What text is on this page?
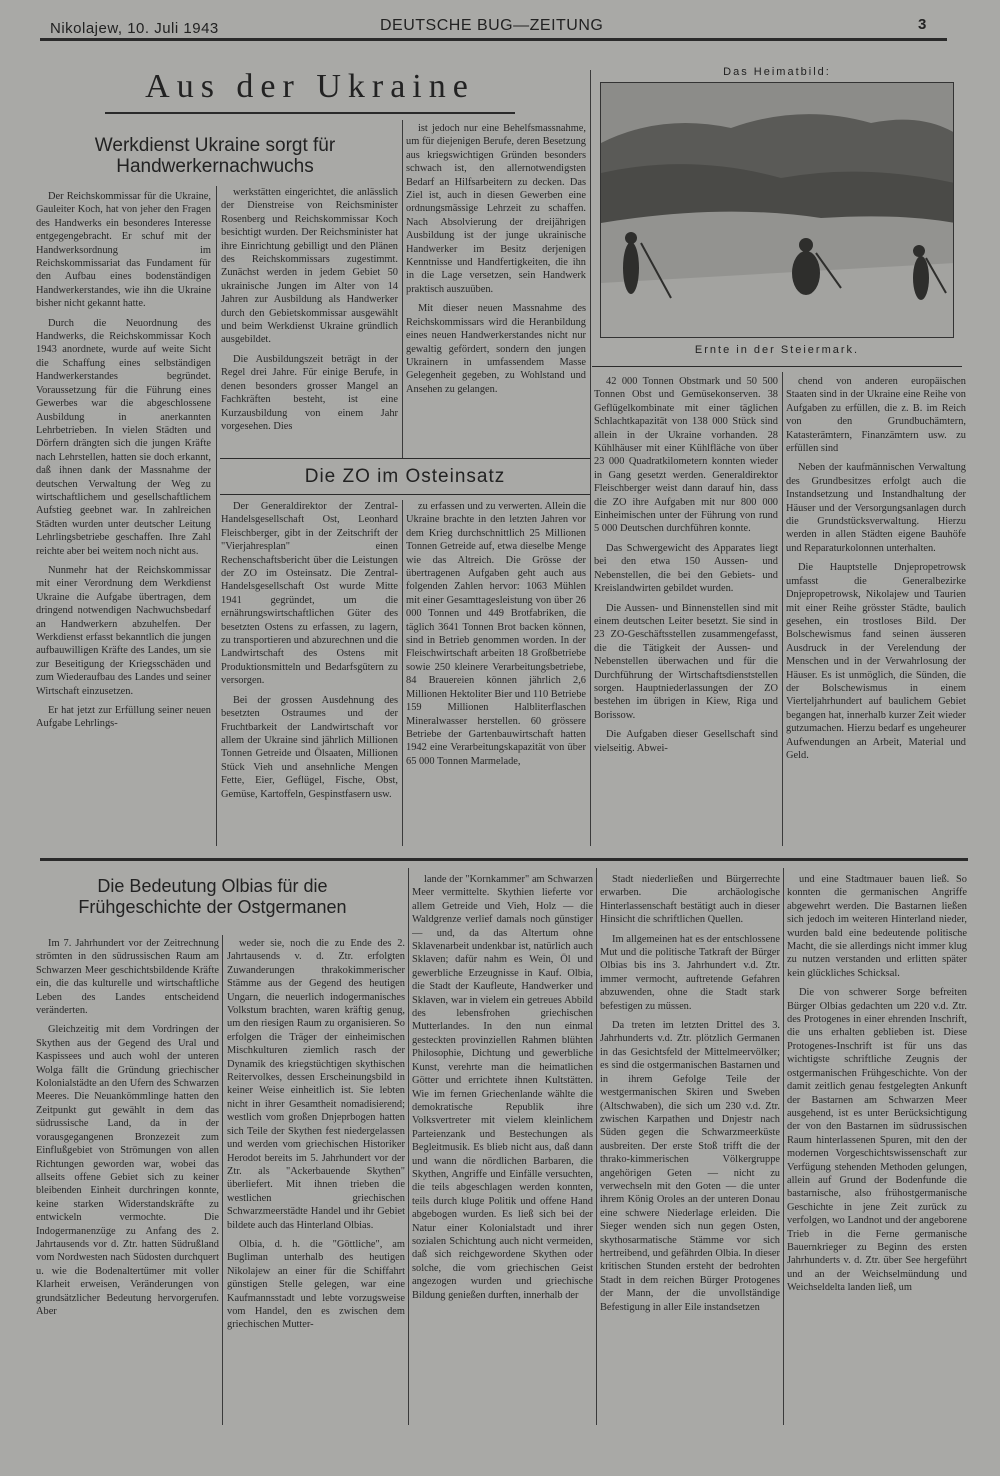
Nikolajew, 10. Juli 1943	DEUTSCHE BUG—ZEITUNG	3
Aus der Ukraine
Werkdienst Ukraine sorgt für Handwerkernachwuchs

Der Reichskommissar für die Ukraine, Gauleiter Koch, hat von jeher den Fragen des Handwerks ein besonderes Interesse entgegengebracht. Er schuf mit der Handwerksordnung im Reichskommissariat das Fundament für den Aufbau eines bodenständigen Handwerkerstandes, wie ihn die Ukraine bisher nicht gekannt hatte.

Durch die Neuordnung des Handwerks, die Reichskommissar Koch 1943 anordnete, wurde auf weite Sicht die Schaffung eines selbständigen Handwerkerstandes begründet. Voraussetzung für die Führung eines Gewerbes war die abgeschlossene Ausbildung in anerkannten Lehrbetrieben. In vielen Städten und Dörfern drängten sich die jungen Kräfte nach Lehrstellen, hatten sie doch erkannt, daß ihnen dank der Massnahme der deutschen Verwaltung der Weg zu wirtschaftlichem und gesellschaftlichem Aufstieg geebnet war. In zahlreichen Städten wurden unter deutscher Leitung Lehrlingsbetriebe geschaffen. Ihre Zahl reichte aber bei weitem noch nicht aus.

Nunmehr hat der Reichskommissar mit einer Verordnung dem Werkdienst Ukraine die Aufgabe übertragen, dem dringend notwendigen Nachwuchsbedarf an Handwerkern abzuhelfen. Der Werkdienst erfasst bekanntlich die jungen aufbauwilligen Kräfte des Landes, um sie zur Beseitigung der Kriegsschäden und zum Wiederaufbau des Landes und seiner Wirtschaft einzusetzen.

Er hat jetzt zur Erfüllung seiner neuen Aufgabe Lehrlings-

werkstätten eingerichtet, die anlässlich der Dienstreise von Reichsminister Rosenberg und Reichskommissar Koch besichtigt wurden. Der Reichsminister hat ihre Einrichtung gebilligt und den Plänen des Reichskommissars zugestimmt. Zunächst werden in jedem Gebiet 50 ukrainische Jungen im Alter von 14 Jahren zur Ausbildung als Handwerker durch den Gebietskommissar ausgewählt und beim Werkdienst Ukraine gründlich ausgebildet.

Die Ausbildungszeit beträgt in der Regel drei Jahre. Für einige Berufe, in denen besonders grosser Mangel an Fachkräften besteht, ist eine Kurzausbildung von einem Jahr vorgesehen. Dies

ist jedoch nur eine Behelfsmassnahme, um für diejenigen Berufe, deren Besetzung aus kriegswichtigen Gründen besonders schwach ist, den allernotwendigsten Bedarf an Hilfsarbeitern zu decken. Das Ziel ist, auch in diesen Gewerben eine ordnungsmässige Lehrzeit zu schaffen. Nach Absolvierung der dreijährigen Ausbildung ist der junge ukrainische Handwerker im Besitz derjenigen Kenntnisse und Handfertigkeiten, die ihn in die Lage versetzen, sein Handwerk praktisch auszuüben.

Mit dieser neuen Massnahme des Reichskommissars wird die Heranbildung eines neuen Handwerkerstandes nicht nur gewaltig gefördert, sondern den jungen Ukrainern in umfassendem Masse Gelegenheit gegeben, zu Wohlstand und Ansehen zu gelangen.

Das Heimatbild:
Ernte in der Steiermark.
Die ZO im Osteinsatz

Der Generaldirektor der Zentral-Handelsgesellschaft Ost, Leonhard Fleischberger, gibt in der Zeitschrift der "Vierjahresplan" einen Rechenschaftsbericht über die Leistungen der ZO im Osteinsatz. Die Zentral-Handelsgesellschaft Ost wurde Mitte 1941 gegründet, um die ernährungswirtschaftlichen Güter des besetzten Ostens zu erfassen, zu lagern, zu transportieren und abzurechnen und die Landwirtschaft des Ostens mit Produktionsmitteln und Bedarfsgütern zu versorgen.

Bei der grossen Ausdehnung des besetzten Ostraumes und der Fruchtbarkeit der Landwirtschaft vor allem der Ukraine sind jährlich Millionen Tonnen Getreide und Ölsaaten, Millionen Stück Vieh und ansehnliche Mengen Fette, Eier, Geflügel, Fische, Obst, Gemüse, Kartoffeln, Gespinstfasern usw.

zu erfassen und zu verwerten. Allein die Ukraine brachte in den letzten Jahren vor dem Krieg durchschnittlich 25 Millionen Tonnen Getreide auf, etwa dieselbe Menge wie das Altreich. Die Grösse der übertragenen Aufgaben geht auch aus folgenden Zahlen hervor: 1063 Mühlen mit einer Gesamttagesleistung von über 26 000 Tonnen und 449 Brotfabriken, die täglich 3641 Tonnen Brot backen können, sind in Betrieb genommen worden. In der Fleischwirtschaft arbeiten 18 Großbetriebe sowie 250 kleinere Verarbeitungsbetriebe, 84 Brauereien können jährlich 2,6 Millionen Hektoliter Bier und 110 Betriebe 159 Millionen Halbliterflaschen Mineralwasser herstellen. 60 grössere Betriebe der Gartenbauwirtschaft hatten 1942 eine Verarbeitungskapazität von über 65 000 Tonnen Marmelade,

42 000 Tonnen Obstmark und 50 500 Tonnen Obst und Gemüsekonserven. 38 Geflügelkombinate mit einer täglichen Schlachtkapazität von 138 000 Stück sind allein in der Ukraine vorhanden. 28 Kühlhäuser mit einer Kühlfläche von über 23 000 Quadratkilometern konnten wieder in Gang gesetzt werden. Generaldirektor Fleischberger weist dann darauf hin, dass die ZO ihre Aufgaben mit nur 800 000 Einheimischen unter der Führung von rund 5 000 Deutschen durchführen konnte.

Das Schwergewicht des Apparates liegt bei den etwa 150 Aussen- und Nebenstellen, die bei den Gebiets- und Kreislandwirten gebildet wurden.

Die Aussen- und Binnenstellen sind mit einem deutschen Leiter besetzt. Sie sind in 23 ZO-Geschäftsstellen zusammengefasst, die die Tätigkeit der Aussen- und Nebenstellen überwachen und für die Durchführung der Wirtschaftsdienststellen sorgen. Hauptniederlassungen der ZO bestehen im übrigen in Kiew, Riga und Borissow.

Die Aufgaben dieser Gesellschaft sind vielseitig. Abwei-

chend von anderen europäischen Staaten sind in der Ukraine eine Reihe von Aufgaben zu erfüllen, die z. B. im Reich von den Grundbuchämtern, Katasterämtern, Finanzämtern usw. zu erfüllen sind

Neben der kaufmännischen Verwaltung des Grundbesitzes erfolgt auch die Instandsetzung und Instandhaltung der Häuser und der Versorgungsanlagen durch die Grundstücksverwaltung. Hierzu werden in allen Städten eigene Bauhöfe und Reparaturkolonnen unterhalten.

Die Hauptstelle Dnjepropetrowsk umfasst die Generalbezirke Dnjepropetrowsk, Nikolajew und Taurien mit einer Reihe grösster Städte, baulich gesehen, ein trostloses Bild. Der Bolschewismus fand seinen äusseren Ausdruck in der Verelendung der Menschen und in der Verwahrlosung der Häuser. Es ist unmöglich, die Sünden, die der Bolschewismus in einem Vierteljahrhundert auf baulichem Gebiet begangen hat, innerhalb kurzer Zeit wieder gutzumachen. Hierzu bedarf es ungeheurer Aufwendungen an Arbeit, Material und Geld.

Die Bedeutung Olbias für die Frühgeschichte der Ostgermanen

Im 7. Jahrhundert vor der Zeitrechnung strömten in den südrussischen Raum am Schwarzen Meer geschichtsbildende Kräfte ein, die das kulturelle und wirtschaftliche Leben des Landes entscheidend veränderten.

Gleichzeitig mit dem Vordringen der Skythen aus der Gegend des Ural und Kaspissees und auch wohl der unteren Wolga fällt die Gründung griechischer Kolonialstädte an den Ufern des Schwarzen Meeres. Die Neuankömmlinge hatten den Zeitpunkt gut gewählt in dem das südrussische Land, da in der vorausgegangenen Bronzezeit zum Einflußgebiet von Strömungen von allen Richtungen geworden war, wobei das allseits offene Gebiet sich zu keiner bleibenden Einheit durchringen konnte, keine starken Widerstandskräfte zu entwickeln vermochte. Die Indogermanenzüge zu Anfang des 2. Jahrtausends vor d. Ztr. hatten Südrußland vom Nordwesten nach Südosten durchquert u. wie die Bodenaltertümer mit voller Klarheit erweisen, Veränderungen von grundsätzlicher Bedeutung hervorgerufen. Aber

weder sie, noch die zu Ende des 2. Jahrtausends v. d. Ztr. erfolgten Zuwanderungen thrakokimmerischer Stämme aus der Gegend des heutigen Ungarn, die neuerlich indogermanisches Volkstum brachten, waren kräftig genug, um den riesigen Raum zu organisieren. So erfolgen die Träger der einheimischen Mischkulturen ziemlich rasch der Dynamik des kriegstüchtigen skythischen Reitervolkes, dessen Erscheinungsbild in keiner Weise einheitlich ist. Sie lebten nicht in ihrer Gesamtheit nomadisierend; westlich vom großen Dnjeprbogen hatten sich Teile der Skythen fest niedergelassen und werden vom griechischen Historiker Herodot bereits im 5. Jahrhundert vor der Ztr. als "Ackerbauende Skythen" überliefert. Mit ihnen trieben die westlichen griechischen Schwarzmeerstädte Handel und ihr Gebiet bildete auch das Hinterland Olbias.

Olbia, d. h. die "Göttliche", am Bugliman unterhalb des heutigen Nikolajew an einer für die Schiffahrt günstigen Stelle gelegen, war eine Kaufmannsstadt und lebte vorzugsweise vom Handel, den es zwischen dem griechischen Mutter-

lande der "Kornkammer" am Schwarzen Meer vermittelte. Skythien lieferte vor allem Getreide und Vieh, Holz — die Waldgrenze verlief damals noch günstiger — und, da das Altertum ohne Sklavenarbeit undenkbar ist, natürlich auch Sklaven; dafür nahm es Wein, Öl und gewerbliche Erzeugnisse in Kauf. Olbia, die Stadt der Kaufleute, Handwerker und Sklaven, war in vielem ein getreues Abbild des lebensfrohen griechischen Mutterlandes. In den nun einmal gesteckten provinziellen Rahmen blühten Philosophie, Dichtung und gewerbliche Kunst, verehrte man die heimatlichen Götter und errichtete ihnen Kultstätten. Wie im fernen Griechenlande wählte die demokratische Republik ihre Volksvertreter mit vielem kleinlichem Parteienzank und Bestechungen als Begleitmusik. Es blieb nicht aus, daß dann und wann die nördlichen Barbaren, die Skythen, Angriffe und Einfälle versuchten, die teils abgeschlagen werden konnten, teils durch kluge Politik und offene Hand abgebogen wurden. Es ließ sich bei der Natur einer Kolonialstadt und ihrer sozialen Schichtung auch nicht vermeiden, daß sich reichgewordene Skythen oder solche, die vom griechischen Geist angezogen wurden und griechische Bildung genießen durften, innerhalb der

Stadt niederließen und Bürgerrechte erwarben. Die archäologische Hinterlassenschaft bestätigt auch in dieser Hinsicht die schriftlichen Quellen.

Im allgemeinen hat es der entschlossene Mut und die politische Tatkraft der Bürger Olbias bis ins 3. Jahrhundert v.d. Ztr. immer vermocht, auftretende Gefahren abzuwenden, ohne die Stadt stark befestigen zu müssen.

Da treten im letzten Drittel des 3. Jahrhunderts v.d. Ztr. plötzlich Germanen in das Gesichtsfeld der Mittelmeervölker; es sind die ostgermanischen Bastarnen und in ihrem Gefolge Teile der westgermanischen Skiren und Sweben (Altschwaben), die sich um 230 v.d. Ztr. zwischen Karpathen und Dnjestr nach Süden gegen die Schwarzmeerküste ausbreiten. Der erste Stoß trifft die der thrako-kimmerischen Völkergruppe angehörigen Geten — nicht zu verwechseln mit den Goten — die unter ihrem König Oroles an der unteren Donau eine schwere Niederlage erleiden. Die Sieger wenden sich nun gegen Osten, skythosarmatische Stämme vor sich hertreibend, und gefährden Olbia. In dieser kritischen Stunden ersteht der bedrohten Stadt in dem reichen Bürger Protogenes der Mann, der die unvollständige Befestigung in aller Eile instandsetzen

und eine Stadtmauer bauen ließ. So konnten die germanischen Angriffe abgewehrt werden. Die Bastarnen ließen sich jedoch im weiteren Hinterland nieder, wurden bald eine bedeutende politische Macht, die sie allerdings nicht immer klug zu nutzen verstanden und erlitten später kein glückliches Schicksal.

Die von schwerer Sorge befreiten Bürger Olbias gedachten um 220 v.d. Ztr. des Protogenes in einer ehrenden Inschrift, die uns erhalten geblieben ist. Diese Protogenes-Inschrift ist für uns das wichtigste schriftliche Zeugnis der ostgermanischen Frühgeschichte. Von der damit zeitlich genau festgelegten Ankunft der Bastarnen am Schwarzen Meer ausgehend, ist es unter Berücksichtigung der von den Bastarnen im südrussischen Raum hinterlassenen Spuren, mit den der modernen Vorgeschichtswissenschaft zur Verfügung stehenden Methoden gelungen, allein auf Grund der Bodenfunde die bastarnische, also frühostgermanische Geschichte in jene Zeit zurück zu verfolgen, wo Landnot und der angeborene Trieb in die Ferne germanische Bauernkrieger zu Beginn des ersten Jahrhunderts v. d. Ztr. über See hergeführt und an der Weichselmündung und Weichseldelta landen ließ, um
